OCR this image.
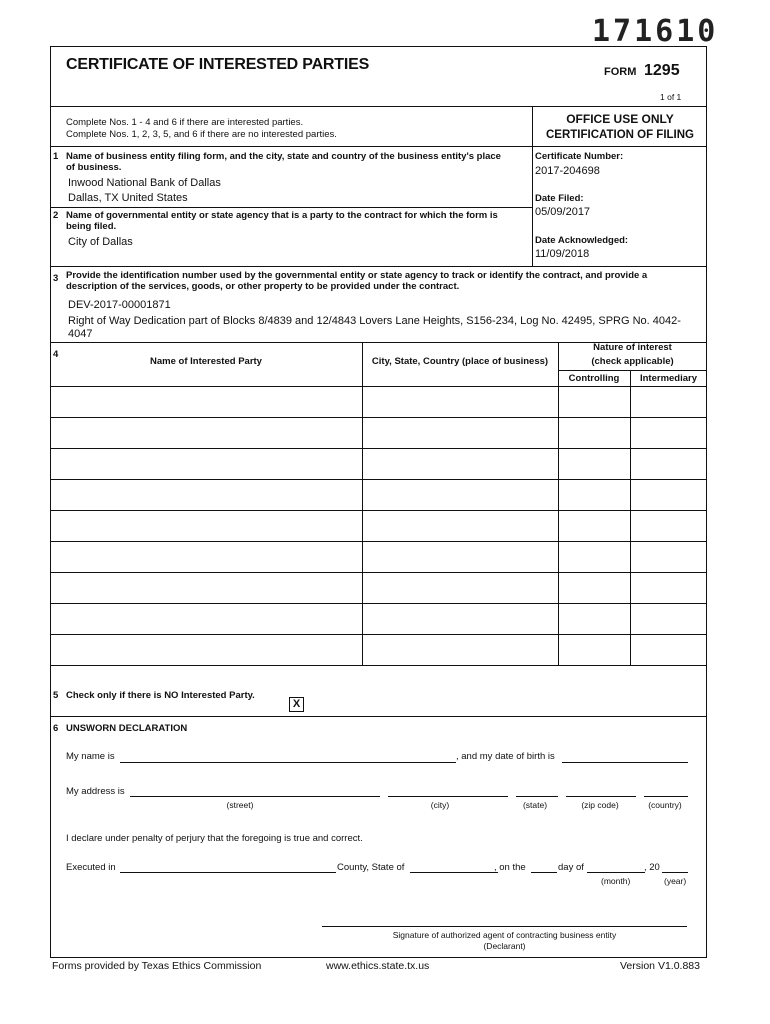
171610
CERTIFICATE OF INTERESTED PARTIES	FORM 1295
1 of 1
Complete Nos. 1 - 4 and 6 if there are interested parties.
Complete Nos. 1, 2, 3, 5, and 6 if there are no interested parties.
OFFICE USE ONLY
CERTIFICATION OF FILING
Certificate Number:
2017-204698
Date Filed:
05/09/2017
Date Acknowledged:
11/09/2018
1 Name of business entity filing form, and the city, state and country of the business entity's place
of business.
Inwood National Bank of Dallas
Dallas, TX United States
2 Name of governmental entity or state agency that is a party to the contract for which the form is
being filed.
City of Dallas
3 Provide the identification number used by the governmental entity or state agency to track or identify the contract, and provide a
description of the services, goods, or other property to be provided under the contract.
DEV-2017-00001871
Right of Way Dedication part of Blocks 8/4839 and 12/4843 Lovers Lane Heights, S156-234, Log No. 42495, SPRG No. 4042-
4047
4
Name of Interested Party	City, State, Country (place of business)
Nature of interest
(check applicable)
Controlling	Intermediary
5 Check only if there is NO Interested Party.
X
6 UNSWORN DECLARATION
My name is	, and my date of birth is
My address is
(street)	(city)	(state)	(zip code)	(country)
I declare under penalty of perjury that the foregoing is true and correct.
Executed in	County, State of	, on the	day of	, 20
(month)	(year)
Signature of authorized agent of contracting business entity
(Declarant)
Forms provided by Texas Ethics Commission	www.ethics.state.tx.us	Version V1.0.883
